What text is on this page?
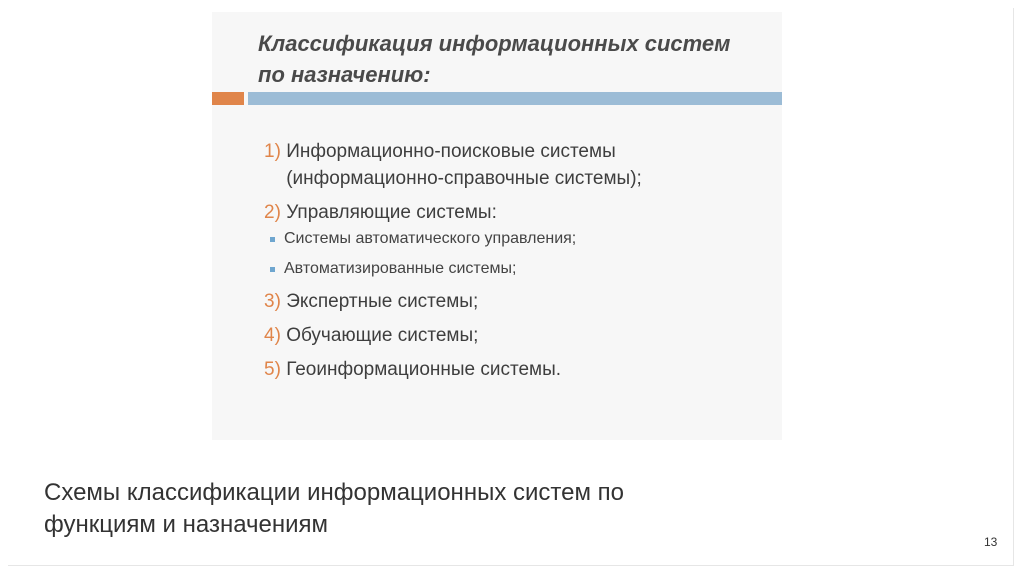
Классификация информационных систем по назначению:
1) Информационно-поисковые системы (информационно-справочные системы);
2) Управляющие системы:
Системы автоматического управления;
Автоматизированные системы;
3) Экспертные системы;
4) Обучающие системы;
5) Геоинформационные системы.
Схемы классификации информационных систем по функциям и назначениям
13
